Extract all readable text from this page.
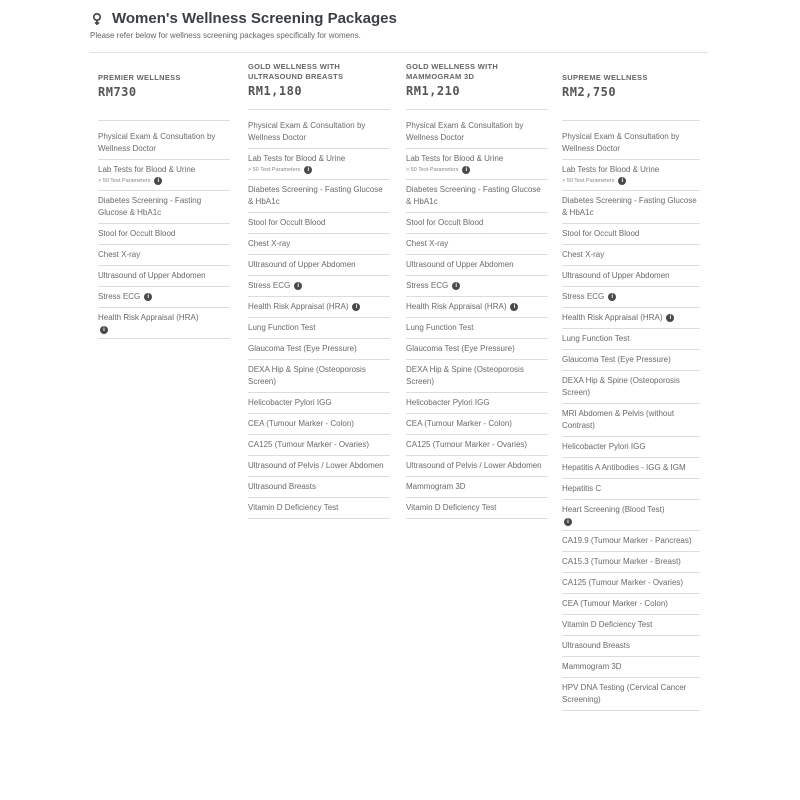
Women's Wellness Screening Packages
Please refer below for wellness screening packages specifically for womens.
PREMIER WELLNESS
RM730
Physical Exam & Consultation by Wellness Doctor
Lab Tests for Blood & Urine
> 50 Test Parameters i
Diabetes Screening - Fasting Glucose & HbA1c
Stool for Occult Blood
Chest X-ray
Ultrasound of Upper Abdomen
Stress ECG i
Health Risk Appraisal (HRA)
i
GOLD WELLNESS WITH ULTRASOUND BREASTS
RM1,180
Physical Exam & Consultation by Wellness Doctor
Lab Tests for Blood & Urine
> 50 Test Parameters i
Diabetes Screening - Fasting Glucose & HbA1c
Stool for Occult Blood
Chest X-ray
Ultrasound of Upper Abdomen
Stress ECG i
Health Risk Appraisal (HRA) i
Lung Function Test
Glaucoma Test (Eye Pressure)
DEXA Hip & Spine (Osteoporosis Screen)
Helicobacter Pylori IGG
CEA (Tumour Marker - Colon)
CA125 (Tumour Marker - Ovaries)
Ultrasound of Pelvis / Lower Abdomen
Ultrasound Breasts
Vitamin D Deficiency Test
GOLD WELLNESS WITH MAMMOGRAM 3D
RM1,210
Physical Exam & Consultation by Wellness Doctor
Lab Tests for Blood & Urine
> 50 Test Parameters i
Diabetes Screening - Fasting Glucose & HbA1c
Stool for Occult Blood
Chest X-ray
Ultrasound of Upper Abdomen
Stress ECG i
Health Risk Appraisal (HRA) i
Lung Function Test
Glaucoma Test (Eye Pressure)
DEXA Hip & Spine (Osteoporosis Screen)
Helicobacter Pylori IGG
CEA (Tumour Marker - Colon)
CA125 (Tumour Marker - Ovaries)
Ultrasound of Pelvis / Lower Abdomen
Mammogram 3D
Vitamin D Deficiency Test
SUPREME WELLNESS
RM2,750
Physical Exam & Consultation by Wellness Doctor
Lab Tests for Blood & Urine
> 50 Test Parameters i
Diabetes Screening - Fasting Glucose & HbA1c
Stool for Occult Blood
Chest X-ray
Ultrasound of Upper Abdomen
Stress ECG i
Health Risk Appraisal (HRA) i
Lung Function Test
Glaucoma Test (Eye Pressure)
DEXA Hip & Spine (Osteoporosis Screen)
MRI Abdomen & Pelvis (without Contrast)
Helicobacter Pylori IGG
Hepatitis A Antibodies - IGG & IGM
Hepatitis C
Heart Screening (Blood Test)
i
CA19.9 (Tumour Marker - Pancreas)
CA15.3 (Tumour Marker - Breast)
CA125 (Tumour Marker - Ovaries)
CEA (Tumour Marker - Colon)
Vitamin D Deficiency Test
Ultrasound Breasts
Mammogram 3D
HPV DNA Testing (Cervical Cancer Screening)
